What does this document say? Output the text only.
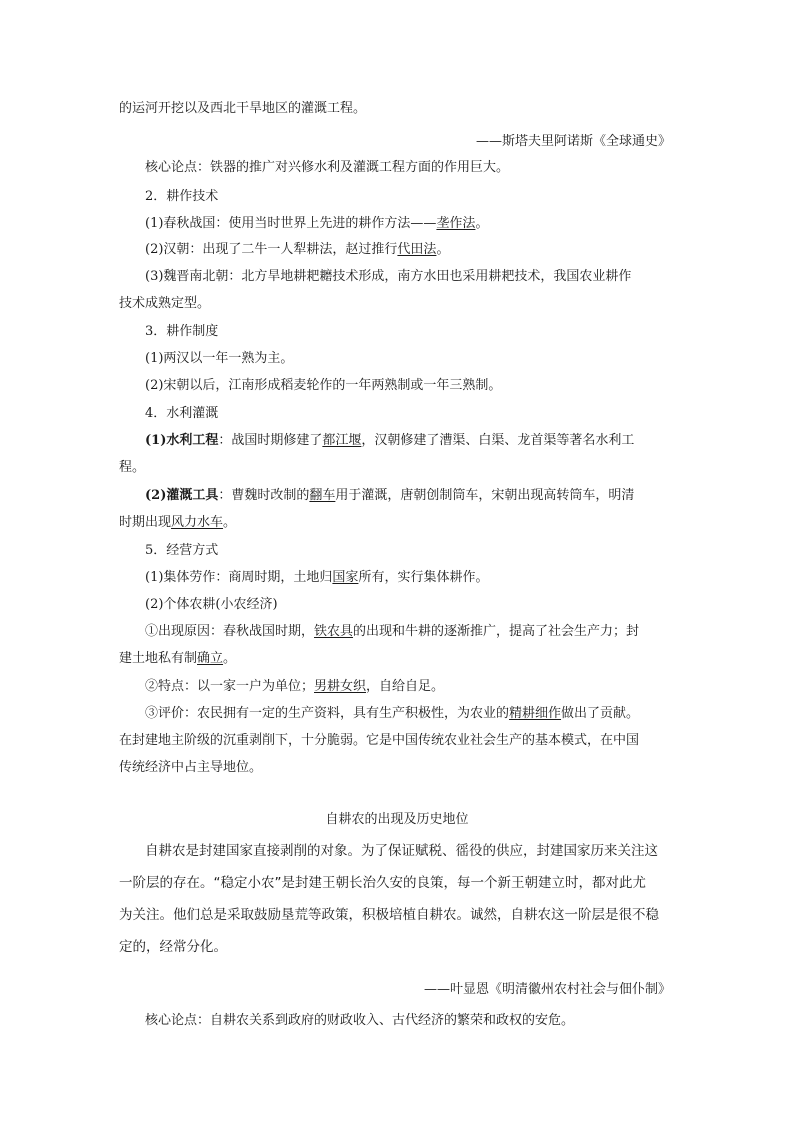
的运河开挖以及西北干旱地区的灌溉工程。

——斯塔夫里阿诺斯《全球通史》

核心论点：铁器的推广对兴修水利及灌溉工程方面的作用巨大。

2．耕作技术

(1)春秋战国：使用当时世界上先进的耕作方法——垄作法。

(2)汉朝：出现了二牛一人犁耕法，赵过推行代田法。

(3)魏晋南北朝：北方旱地耕耙耱技术形成，南方水田也采用耕耙技术，我国农业耕作

技术成熟定型。

3．耕作制度

(1)两汉以一年一熟为主。

(2)宋朝以后，江南形成稻麦轮作的一年两熟制或一年三熟制。

4．水利灌溉

(1)水利工程：战国时期修建了都江堰，汉朝修建了漕渠、白渠、龙首渠等著名水利工

程。

(2)灌溉工具：曹魏时改制的翻车用于灌溉，唐朝创制筒车，宋朝出现高转筒车，明清

时期出现风力水车。

5．经营方式

(1)集体劳作：商周时期，土地归国家所有，实行集体耕作。

(2)个体农耕(小农经济)

①出现原因：春秋战国时期，铁农具的出现和牛耕的逐渐推广，提高了社会生产力；封

建土地私有制确立。

②特点：以一家一户为单位；男耕女织，自给自足。

③评价：农民拥有一定的生产资料，具有生产积极性，为农业的精耕细作做出了贡献。

在封建地主阶级的沉重剥削下，十分脆弱。它是中国传统农业社会生产的基本模式，在中国

传统经济中占主导地位。

自耕农的出现及历史地位

自耕农是封建国家直接剥削的对象。为了保证赋税、徭役的供应，封建国家历来关注这

一阶层的存在。“稳定小农”是封建王朝长治久安的良策，每一个新王朝建立时，都对此尤

为关注。他们总是采取鼓励垦荒等政策，积极培植自耕农。诚然，自耕农这一阶层是很不稳

定的，经常分化。

——叶显恩《明清徽州农村社会与佃仆制》

核心论点：自耕农关系到政府的财政收入、古代经济的繁荣和政权的安危。
